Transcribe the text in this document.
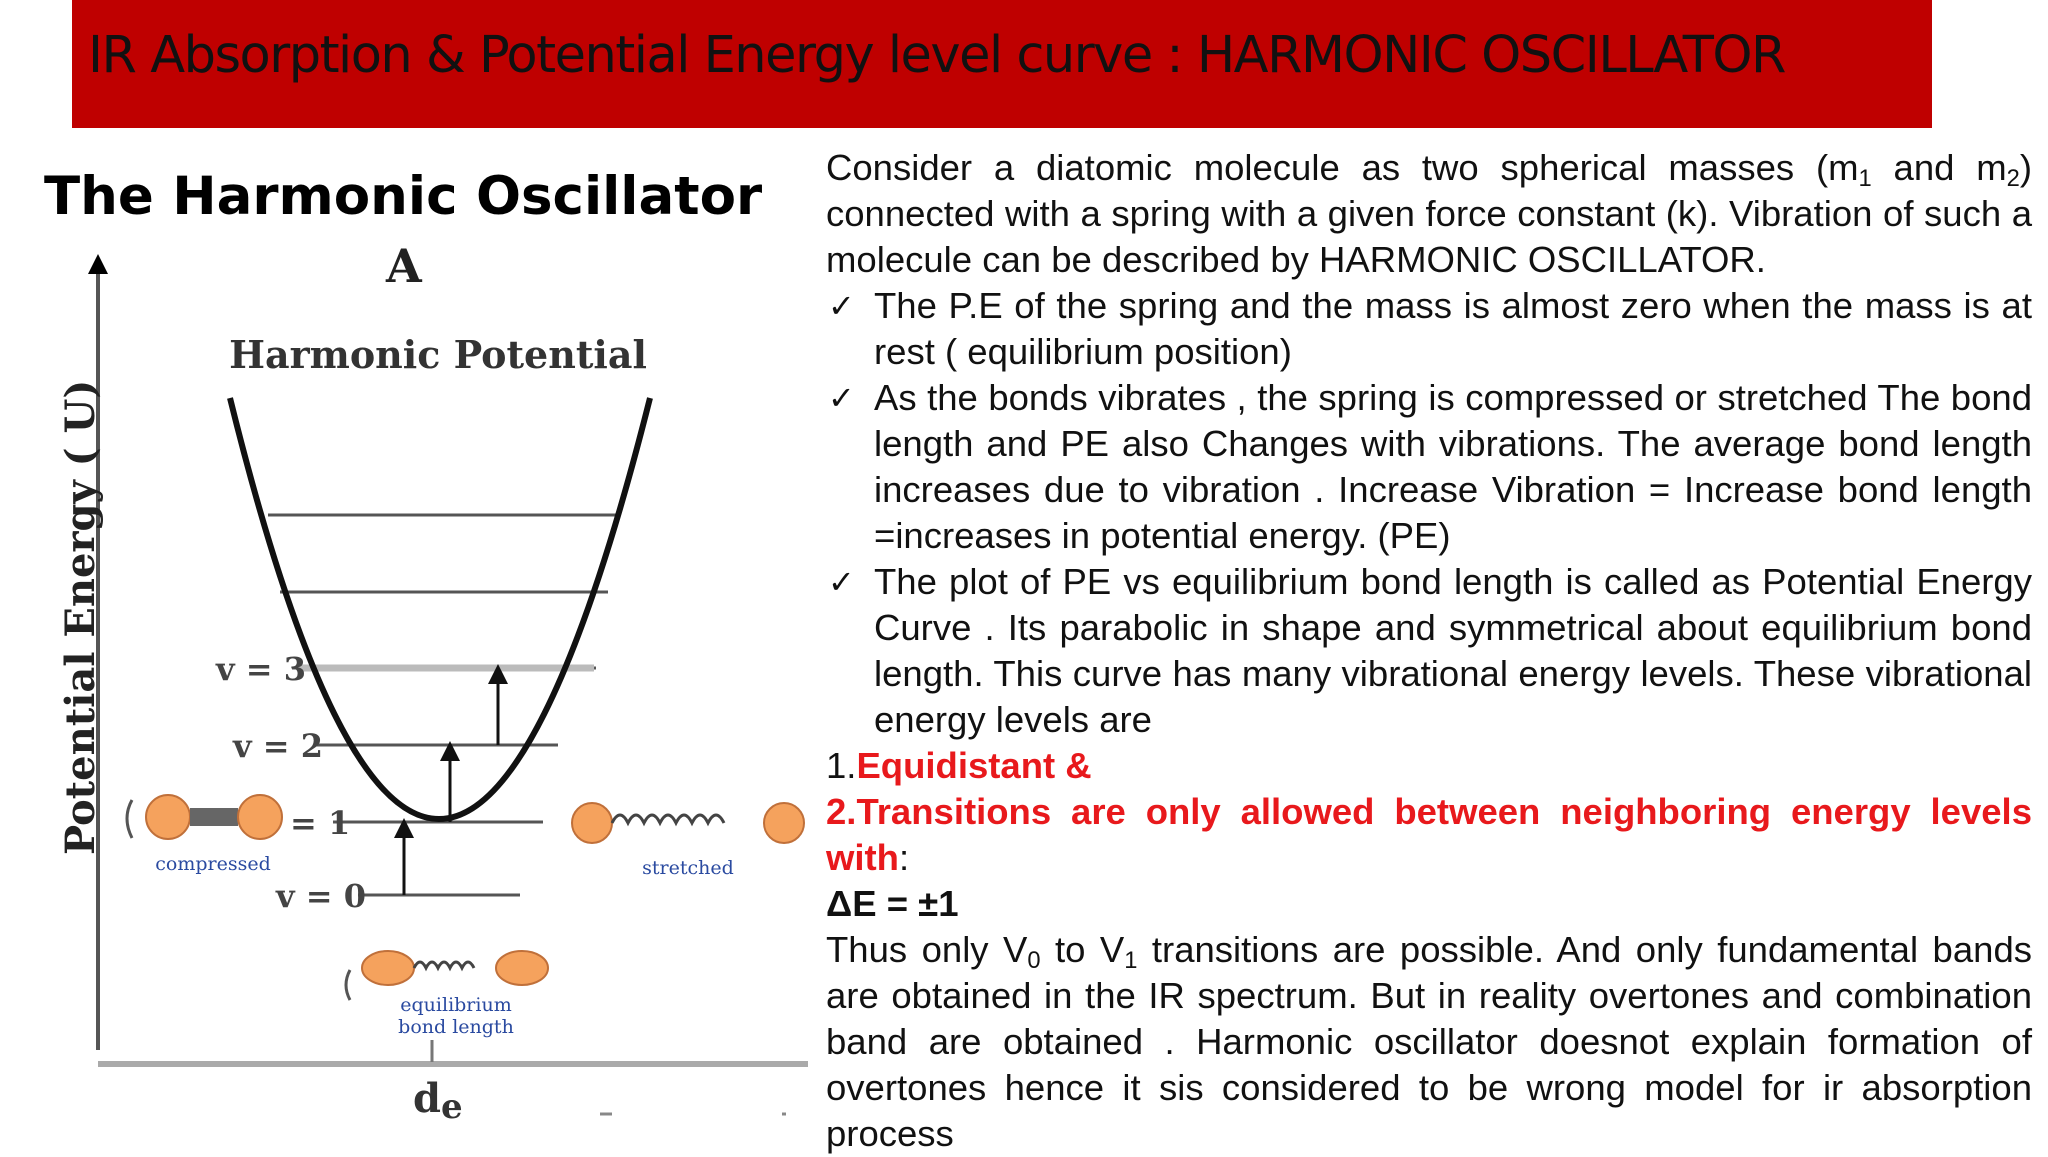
IR Absorption & Potential Energy level curve : HARMONIC OSCILLATOR
The Harmonic Oscillator
Potential Energy ( U)
A
Harmonic Potential
v = 3
v = 2
= 1
v = 0
compressed	stretched
equilibrium
bond length
de

Consider a diatomic molecule as two spherical masses ($m_1$ and $m_2$) connected with a spring with a given force constant (k). Vibration of such a molecule can be described by HARMONIC OSCILLATOR.

✓ The P.E of the spring and the mass is almost zero when the mass is at rest ( equilibrium position)
✓ As the bonds vibrates , the spring is compressed or stretched The bond length and PE also Changes with vibrations. The average bond length increases due to vibration . Increase Vibration = Increase bond length =increases in potential energy. (PE)
✓ The plot of PE vs equilibrium bond length is called as Potential Energy Curve . Its parabolic in shape and symmetrical about equilibrium bond length. This curve has many vibrational energy levels. These vibrational energy levels are

1.Equidistant &

2.Transitions are only allowed between neighboring energy levels with:

ΔE = ±1

Thus only $V_0$ to $V_1$ transitions are possible. And only fundamental bands are obtained in the IR spectrum. But in reality overtones and combination band are obtained . Harmonic oscillator doesnot explain formation of overtones hence it sis considered to be wrong model for ir absorption process
